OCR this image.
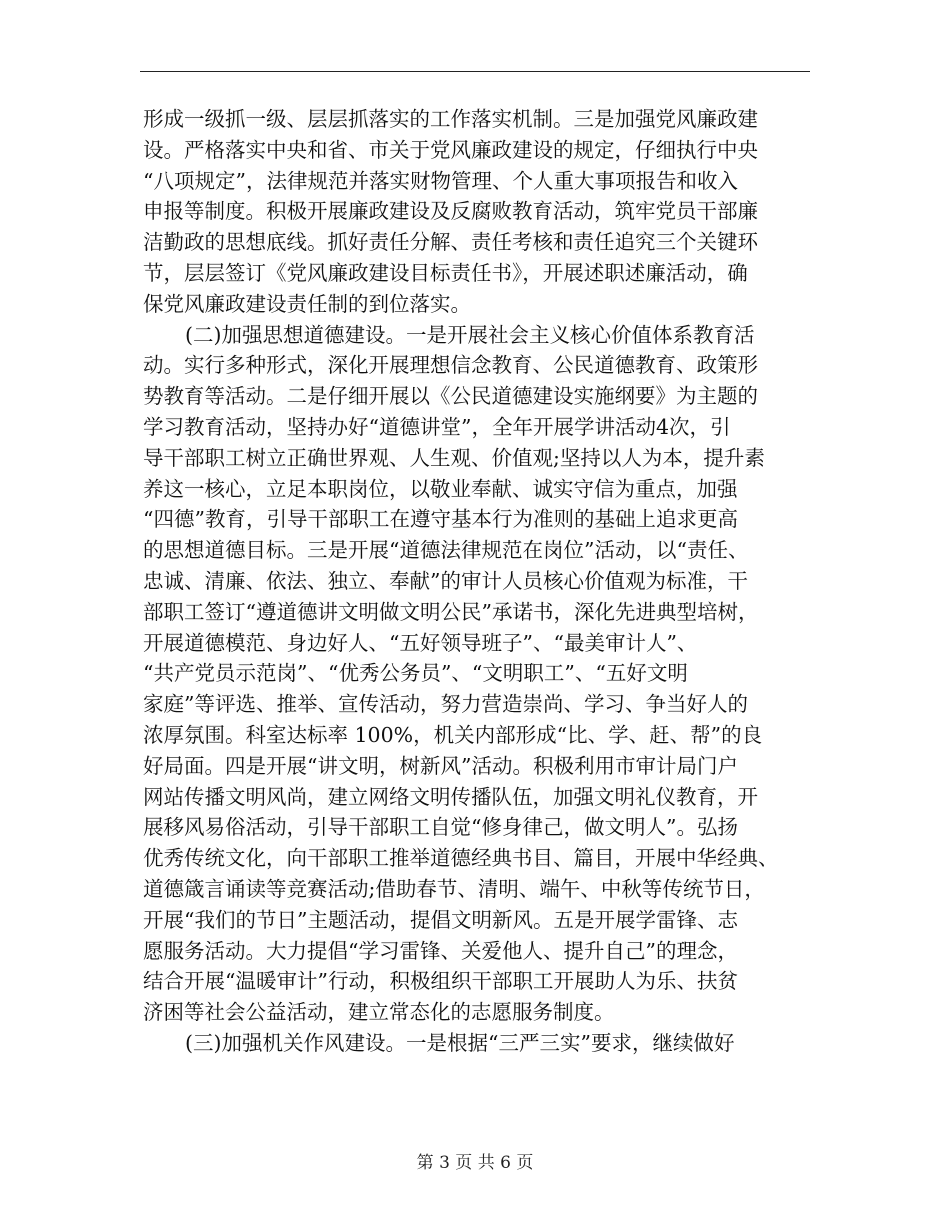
形成一级抓一级、层层抓落实的工作落实机制。三是加强党风廉政建
设。严格落实中央和省、市关于党风廉政建设的规定，仔细执行中央
“八项规定”，法律规范并落实财物管理、个人重大事项报告和收入
申报等制度。积极开展廉政建设及反腐败教育活动，筑牢党员干部廉
洁勤政的思想底线。抓好责任分解、责任考核和责任追究三个关键环
节，层层签订《党风廉政建设目标责任书》，开展述职述廉活动，确
保党风廉政建设责任制的到位落实。
(二)加强思想道德建设。一是开展社会主义核心价值体系教育活
动。实行多种形式，深化开展理想信念教育、公民道德教育、政策形
势教育等活动。二是仔细开展以《公民道德建设实施纲要》为主题的
学习教育活动，坚持办好“道德讲堂”，全年开展学讲活动4次，引
导干部职工树立正确世界观、人生观、价值观;坚持以人为本，提升素
养这一核心，立足本职岗位，以敬业奉献、诚实守信为重点，加强
“四德”教育，引导干部职工在遵守基本行为准则的基础上追求更高
的思想道德目标。三是开展“道德法律规范在岗位”活动，以“责任、
忠诚、清廉、依法、独立、奉献”的审计人员核心价值观为标准，干
部职工签订“遵道德讲文明做文明公民”承诺书，深化先进典型培树，
开展道德模范、身边好人、“五好领导班子”、“最美审计人”、
“共产党员示范岗”、“优秀公务员”、“文明职工”、“五好文明
家庭”等评选、推举、宣传活动，努力营造崇尚、学习、争当好人的
浓厚氛围。科室达标率 100%，机关内部形成“比、学、赶、帮”的良
好局面。四是开展“讲文明，树新风”活动。积极利用市审计局门户
网站传播文明风尚，建立网络文明传播队伍，加强文明礼仪教育，开
展移风易俗活动，引导干部职工自觉“修身律己，做文明人”。弘扬
优秀传统文化，向干部职工推举道德经典书目、篇目，开展中华经典、
道德箴言诵读等竞赛活动;借助春节、清明、端午、中秋等传统节日，
开展“我们的节日”主题活动，提倡文明新风。五是开展学雷锋、志
愿服务活动。大力提倡“学习雷锋、关爱他人、提升自己”的理念，
结合开展“温暖审计”行动，积极组织干部职工开展助人为乐、扶贫
济困等社会公益活动，建立常态化的志愿服务制度。
(三)加强机关作风建设。一是根据“三严三实”要求，继续做好
第 3 页 共 6 页
